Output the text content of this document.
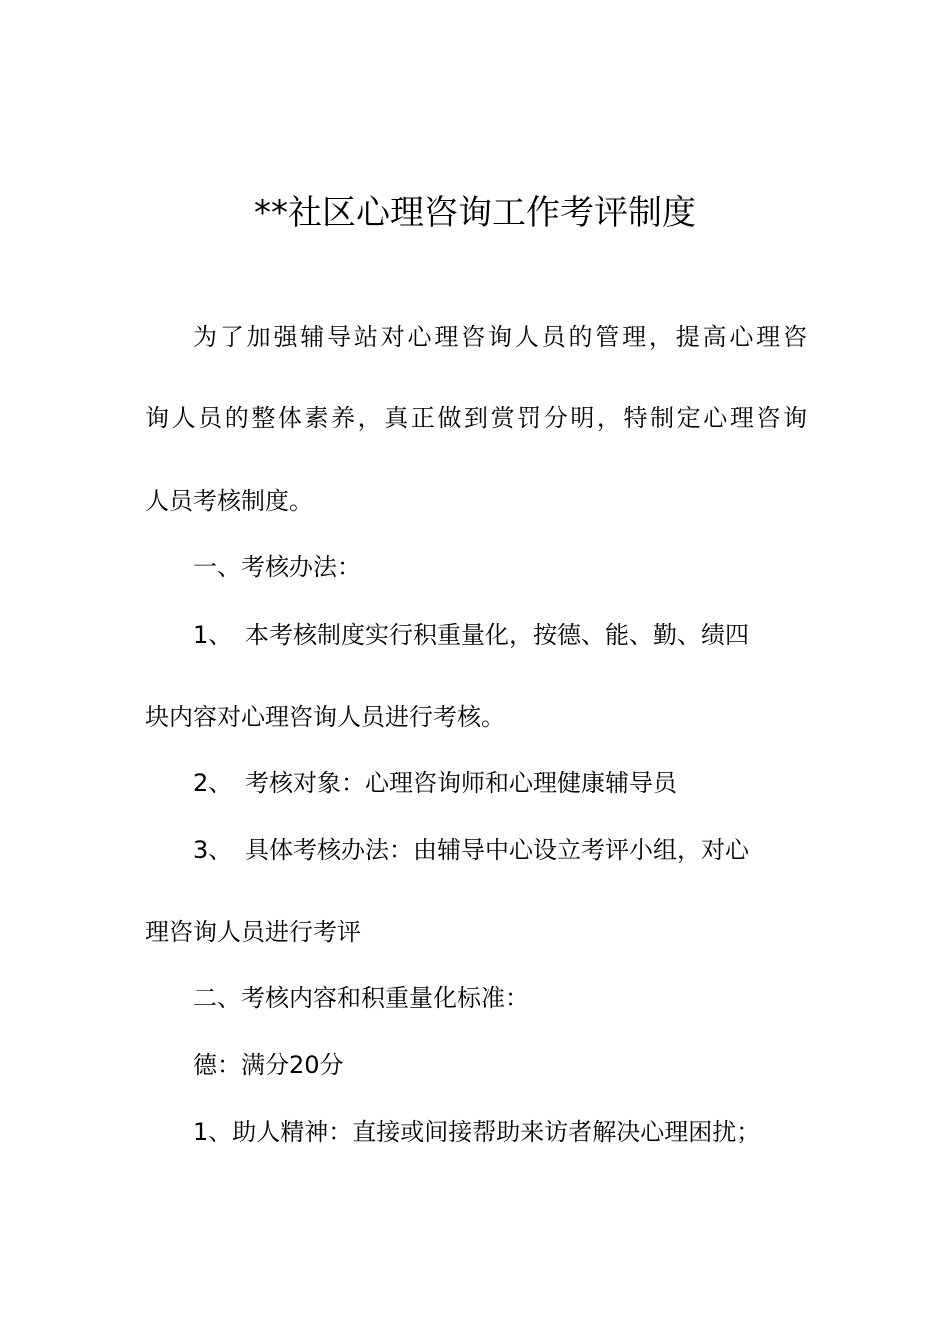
**社区心理咨询工作考评制度
为了加强辅导站对心理咨询人员的管理，提高心理咨
询人员的整体素养，真正做到赏罚分明，特制定心理咨询
人员考核制度。
一、考核办法：
1、 本考核制度实行积重量化，按德、能、勤、绩四
块内容对心理咨询人员进行考核。
2、 考核对象：心理咨询师和心理健康辅导员
3、 具体考核办法：由辅导中心设立考评小组，对心
理咨询人员进行考评
二、考核内容和积重量化标准：
德：满分20分
1、助人精神：直接或间接帮助来访者解决心理困扰；
